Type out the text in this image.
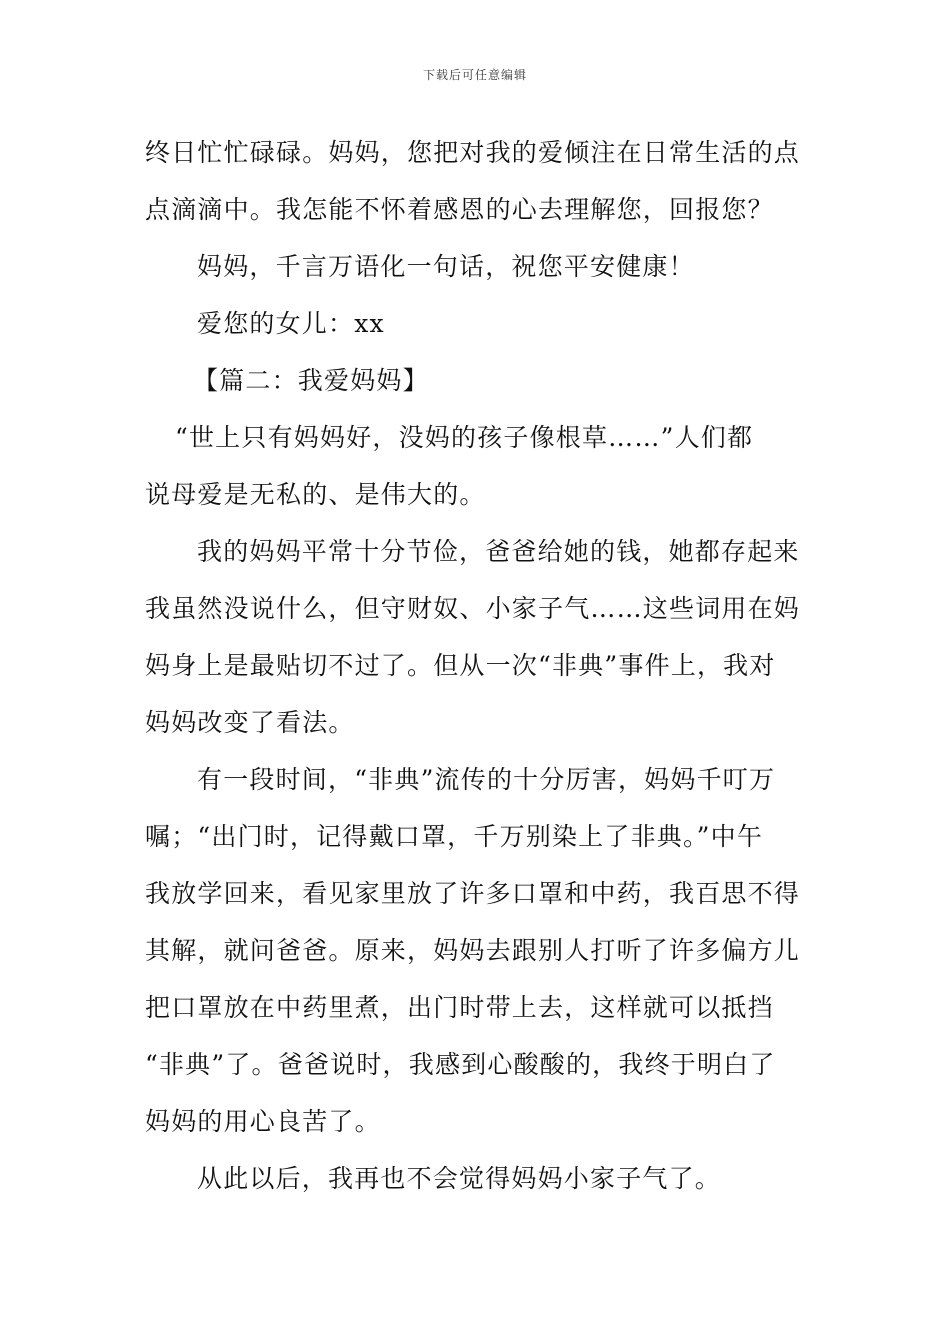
下载后可任意编辑
终日忙忙碌碌。妈妈，您把对我的爱倾注在日常生活的点
点滴滴中。我怎能不怀着感恩的心去理解您，回报您？
妈妈，千言万语化一句话，祝您平安健康！
爱您的女儿：xx
【篇二：我爱妈妈】
“世上只有妈妈好，没妈的孩子像根草……”人们都
说母爱是无私的、是伟大的。
我的妈妈平常十分节俭，爸爸给她的钱，她都存起来
我虽然没说什么，但守财奴、小家子气……这些词用在妈
妈身上是最贴切不过了。但从一次“非典”事件上，我对
妈妈改变了看法。
有一段时间，“非典”流传的十分厉害，妈妈千叮万
嘱；“出门时，记得戴口罩，千万别染上了非典。”中午
我放学回来，看见家里放了许多口罩和中药，我百思不得
其解，就问爸爸。原来，妈妈去跟别人打听了许多偏方儿
把口罩放在中药里煮，出门时带上去，这样就可以抵挡
“非典”了。爸爸说时，我感到心酸酸的，我终于明白了
妈妈的用心良苦了。
从此以后，我再也不会觉得妈妈小家子气了。
